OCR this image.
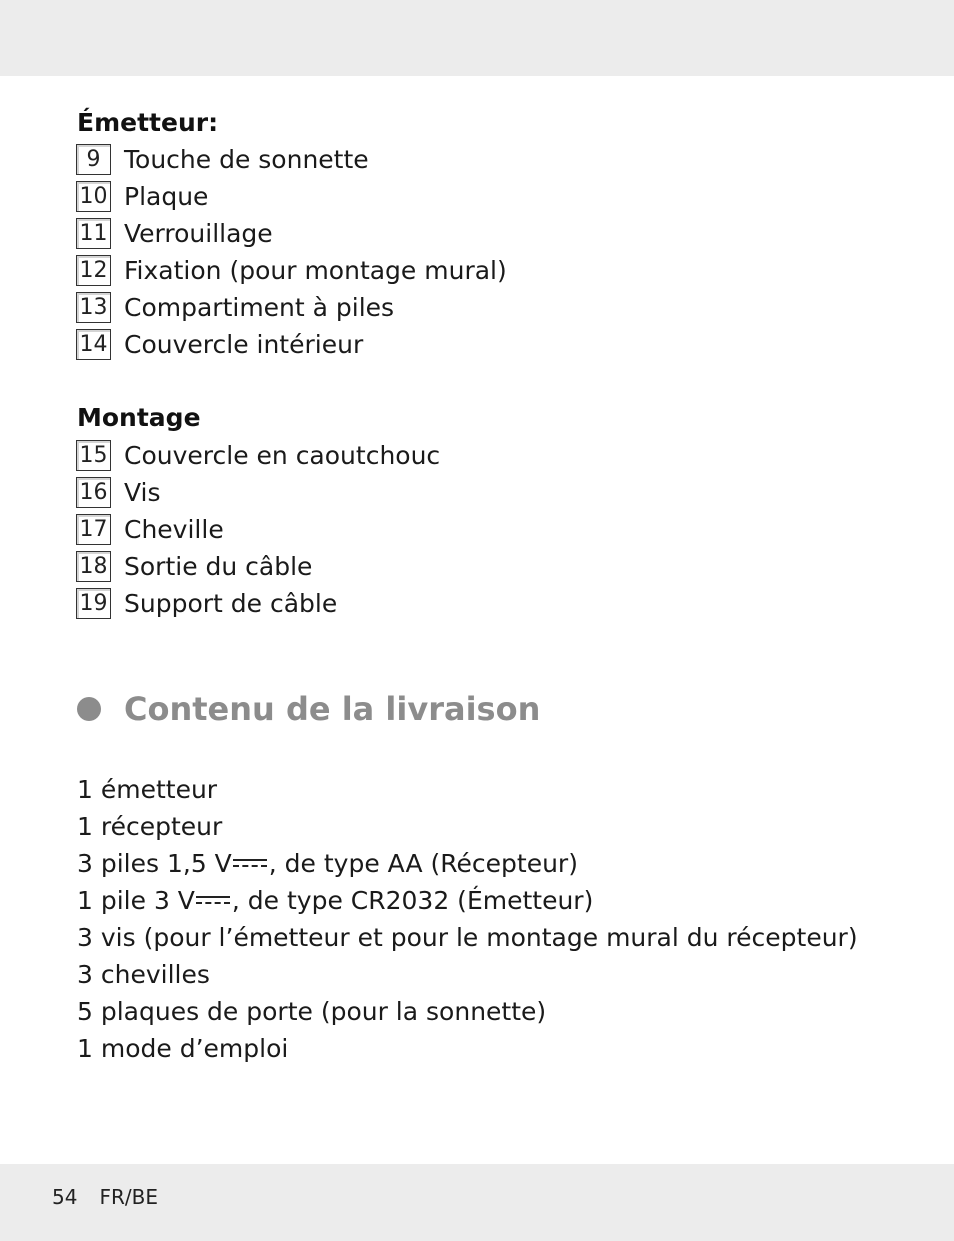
Émetteur:
9 Touche de sonnette
10 Plaque
11 Verrouillage
12 Fixation (pour montage mural)
13 Compartiment à piles
14 Couvercle intérieur
Montage
15 Couvercle en caoutchouc
16 Vis
17 Cheville
18 Sortie du câble
19 Support de câble
Contenu de la livraison
1 émetteur
1 récepteur
3 piles 1,5 V , de type AA (Récepteur)
1 pile 3 V , de type CR2032 (Émetteur)
3 vis (pour l’émetteur et pour le montage mural du récepteur)
3 chevilles
5 plaques de porte (pour la sonnette)
1 mode d’emploi
54 FR/BE
